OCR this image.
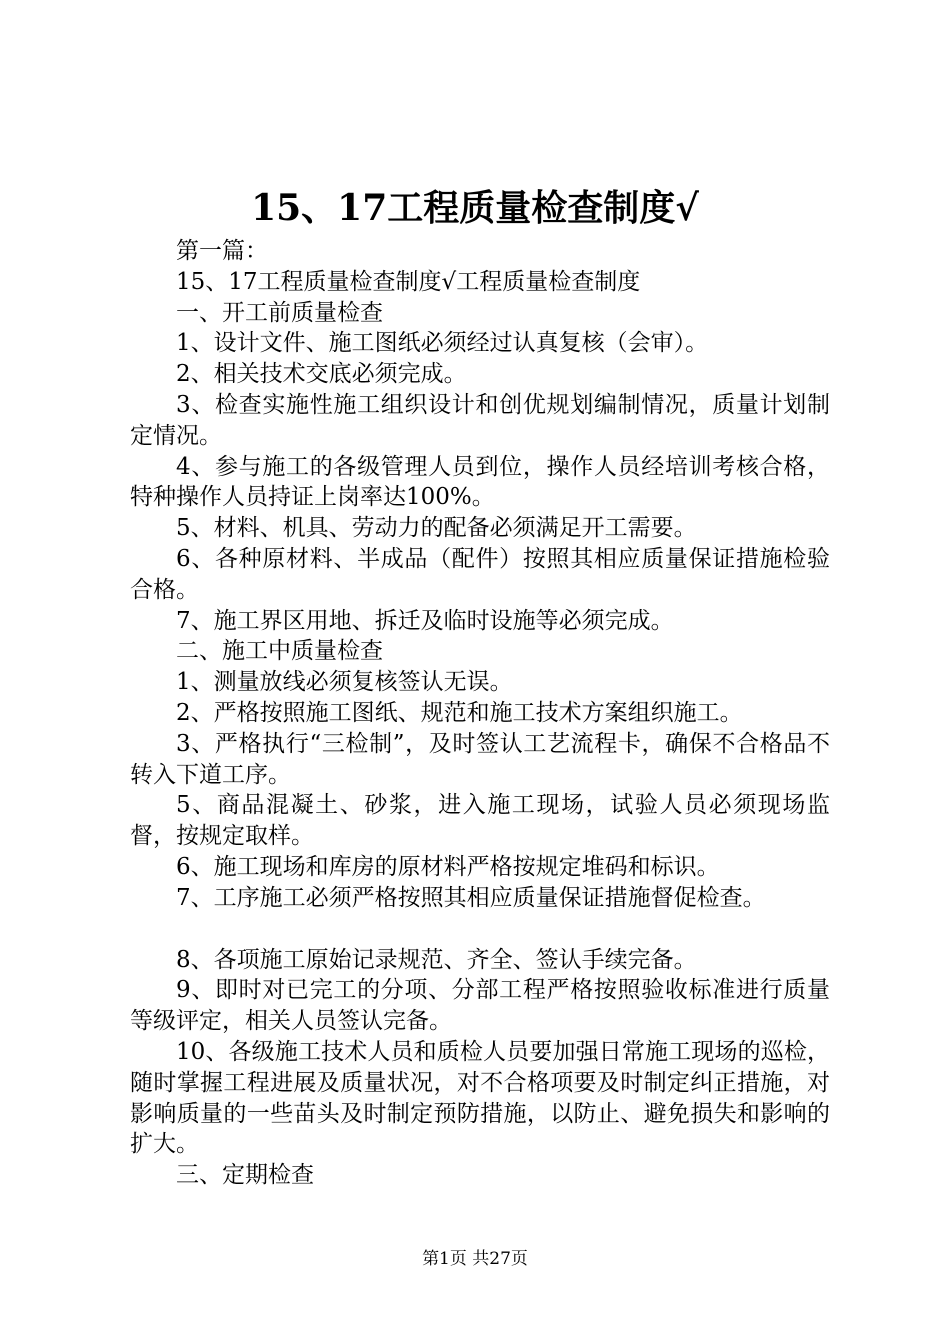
15、17工程质量检查制度√

第一篇：

15、17工程质量检查制度√工程质量检查制度

一、开工前质量检查

1、设计文件、施工图纸必须经过认真复核（会审）。

2、相关技术交底必须完成。

3、检查实施性施工组织设计和创优规划编制情况，质量计划制定情况。

4、参与施工的各级管理人员到位，操作人员经培训考核合格，特种操作人员持证上岗率达100%。

5、材料、机具、劳动力的配备必须满足开工需要。

6、各种原材料、半成品（配件）按照其相应质量保证措施检验合格。

7、施工界区用地、拆迁及临时设施等必须完成。

二、施工中质量检查

1、测量放线必须复核签认无误。

2、严格按照施工图纸、规范和施工技术方案组织施工。

3、严格执行“三检制”，及时签认工艺流程卡，确保不合格品不转入下道工序。

5、商品混凝土、砂浆，进入施工现场，试验人员必须现场监督，按规定取样。

6、施工现场和库房的原材料严格按规定堆码和标识。

7、工序施工必须严格按照其相应质量保证措施督促检查。

8、各项施工原始记录规范、齐全、签认手续完备。

9、即时对已完工的分项、分部工程严格按照验收标准进行质量等级评定，相关人员签认完备。

10、各级施工技术人员和质检人员要加强日常施工现场的巡检，随时掌握工程进展及质量状况，对不合格项要及时制定纠正措施，对影响质量的一些苗头及时制定预防措施，以防止、避免损失和影响的扩大。

三、定期检查

第1页 共27页
